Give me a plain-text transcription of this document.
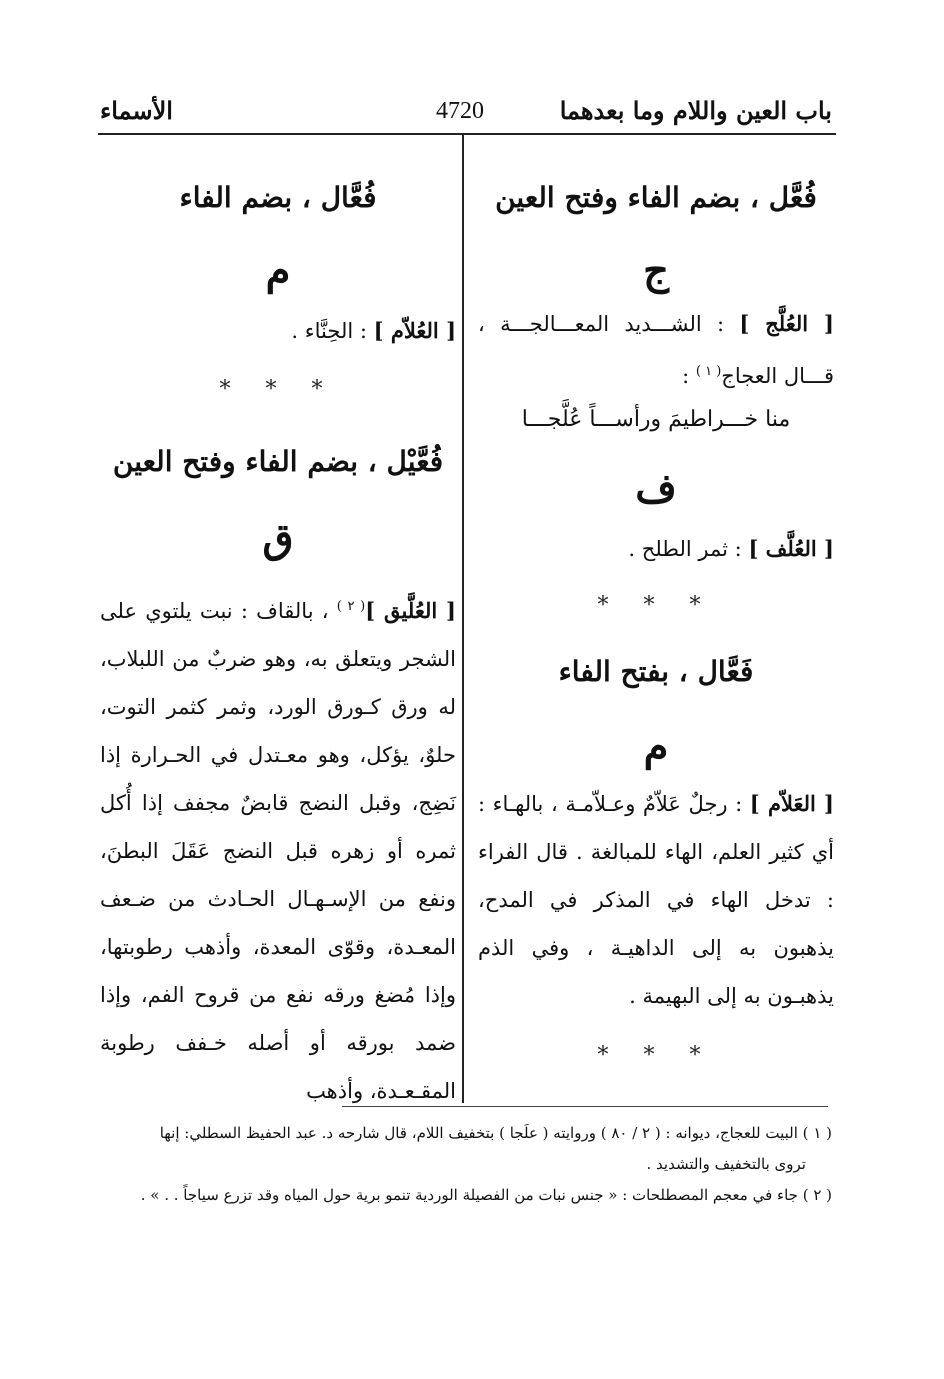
باب العين واللام وما بعدهما
4720
الأسماء
فُعَّل ، بضم الفاء وفتح العين
ج
[ العُلَّج ] : الشـــديد المعـــالجـــة ، قـــال العجاج$^{( ١ )}$ :
منا خـــراطيمَ ورأســـاً عُلَّجـــا
ف
[ العُلَّف ] : ثمر الطلح .
* * *
فَعَّال ، بفتح الفاء
م
[ العَلاّم ] : رجلٌ عَلاّمٌ وعـلاّمـة ، بالهـاء : أي كثير العلم، الهاء للمبالغة . قال الفراء : تدخل الهاء في المذكر في المدح، يذهبون به إلى الداهيـة ، وفي الذم يذهبـون به إلى البهيمة .
* * *
فُعَّال ، بضم الفاء
م
[ العُلاّم ] : الحِنَّاء .
* * *
فُعَّيْل ، بضم الفاء وفتح العين
ق
[ العُلَّيق ]$^{( ٢ )}$ ، بالقاف : نبت يلتوي على الشجر ويتعلق به، وهو ضربٌ من اللبلاب، له ورق كـورق الورد، وثمر كثمر التوت، حلوٌ، يؤكل، وهو معـتدل في الحـرارة إذا نَضِج، وقبل النضج قابضٌ مجفف إذا أُكل ثمره أو زهره قبل النضج عَقَلَ البطنَ، ونفع من الإسـهـال الحـادث من ضـعف المعـدة، وقوّى المعدة، وأذهب رطوبتها، وإذا مُضغ ورقه نفع من قروح الفم، وإذا ضمد بورقه أو أصله خـفف رطوبة المقـعـدة، وأذهب

( ١ ) البيت للعجاج، ديوانه : ( ٢ / ٨٠ ) وروايته ( علَجا ) بتخفيف اللام، قال شارحه د. عبد الحفيظ السطلي: إنها

تروى بالتخفيف والتشديد .

( ٢ ) جاء في معجم المصطلحات : « جنس نبات من الفصيلة الوردية تنمو برية حول المياه وقد تزرع سياجاً . . » .
